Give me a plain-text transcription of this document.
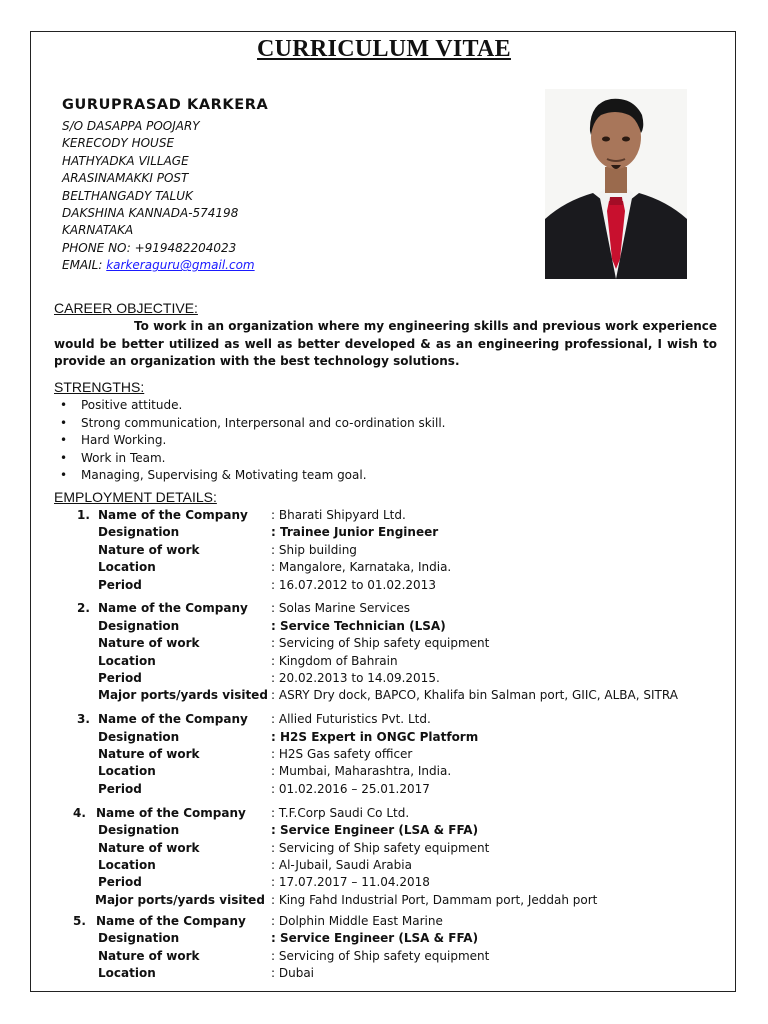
CURRICULUM VITAE
GURUPRASAD KARKERA
S/O DASAPPA POOJARY
KERECODY HOUSE
HATHYADKA VILLAGE
ARASINAMAKKI POST
BELTHANGADY TALUK
DAKSHINA KANNADA-574198
KARNATAKA
PHONE NO: +919482204023
EMAIL: karkeraguru@gmail.com
CAREER OBJECTIVE:
To work in an organization where my engineering skills and previous work experience would be better utilized as well as better developed & as an engineering professional, I wish to provide an organization with the best technology solutions.
STRENGTHS:
• Positive attitude.
• Strong communication, Interpersonal and co-ordination skill.
• Hard Working.
• Work in Team.
• Managing, Supervising & Motivating team goal.
EMPLOYMENT DETAILS:
1. Name of the Company : Bharati Shipyard Ltd.
Designation	: Trainee Junior Engineer
Nature of work	: Ship building
Location	: Mangalore, Karnataka, India.
Period	: 16.07.2012 to 01.02.2013
2. Name of the Company : Solas Marine Services
Designation	: Service Technician (LSA)
Nature of work	: Servicing of Ship safety equipment
Location	: Kingdom of Bahrain
Period	: 20.02.2013 to 14.09.2015.
Major ports/yards visited : ASRY Dry dock, BAPCO, Khalifa bin Salman port, GIIC, ALBA, SITRA
3. Name of the Company : Allied Futuristics Pvt. Ltd.
Designation	: H2S Expert in ONGC Platform
Nature of work	: H2S Gas safety officer
Location	: Mumbai, Maharashtra, India.
Period	: 01.02.2016 – 25.01.2017
4. Name of the Company : T.F.Corp Saudi Co Ltd.
Designation	: Service Engineer (LSA & FFA)
Nature of work	: Servicing of Ship safety equipment
Location	: Al-Jubail, Saudi Arabia
Period	: 17.07.2017 – 11.04.2018
Major ports/yards visited : King Fahd Industrial Port, Dammam port, Jeddah port
5. Name of the Company : Dolphin Middle East Marine
Designation	: Service Engineer (LSA & FFA)
Nature of work	: Servicing of Ship safety equipment
Location	: Dubai
